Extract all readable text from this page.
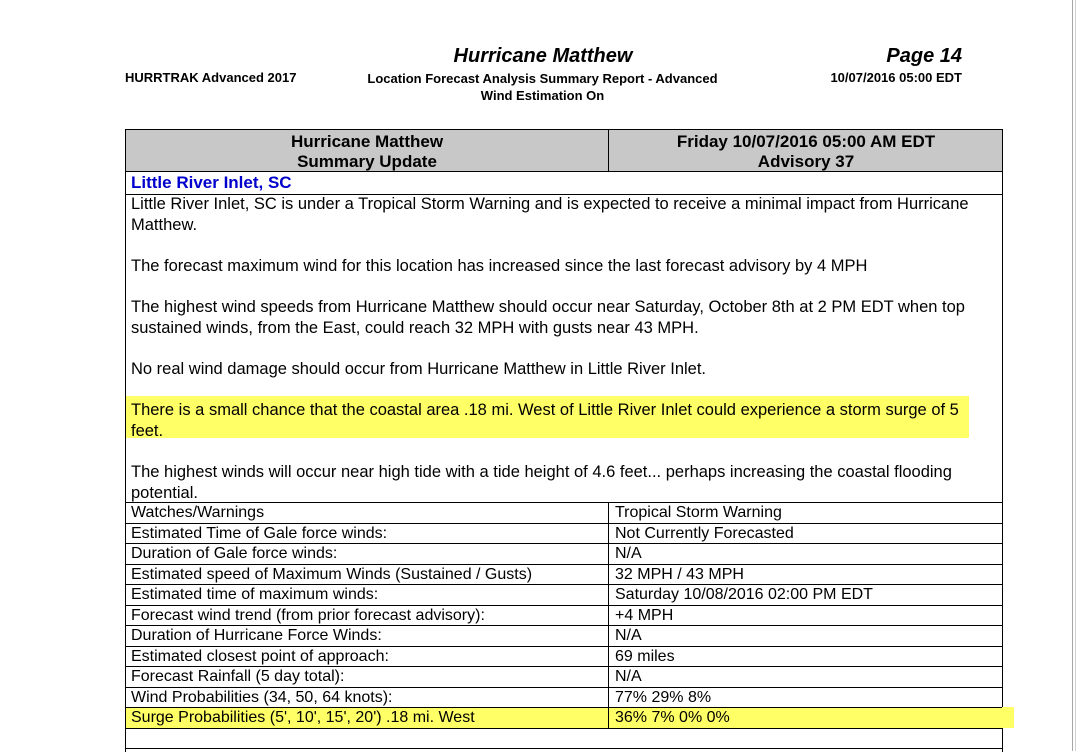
Hurricane Matthew	Page 14
HURRTRAK Advanced 2017	Location Forecast Analysis Summary Report - Advanced
Wind Estimation On
10/07/2016 05:00 EDT
Hurricane Matthew
Summary Update
Friday 10/07/2016 05:00 AM EDT
Advisory 37
Little River Inlet, SC
Little River Inlet, SC is under a Tropical Storm Warning and is expected to receive a minimal impact from Hurricane Matthew.
The forecast maximum wind for this location has increased since the last forecast advisory by 4 MPH
The highest wind speeds from Hurricane Matthew should occur near Saturday, October 8th at 2 PM EDT when top sustained winds, from the East, could reach 32 MPH with gusts near 43 MPH.
No real wind damage should occur from Hurricane Matthew in Little River Inlet.
There is a small chance that the coastal area .18 mi. West of Little River Inlet could experience a storm surge of 5 feet.
The highest winds will occur near high tide with a tide height of 4.6 feet... perhaps increasing the coastal flooding potential.
Watches/Warnings	Tropical Storm Warning
Estimated Time of Gale force winds:	Not Currently Forecasted
Duration of Gale force winds:	N/A
Estimated speed of Maximum Winds (Sustained / Gusts)	32 MPH / 43 MPH
Estimated time of maximum winds:	Saturday 10/08/2016 02:00 PM EDT
Forecast wind trend (from prior forecast advisory):	+4 MPH
Duration of Hurricane Force Winds:	N/A
Estimated closest point of approach:	69 miles
Forecast Rainfall (5 day total):	N/A
Wind Probabilities (34, 50, 64 knots):	77% 29% 8%
Surge Probabilities (5', 10', 15', 20') .18 mi. West	36% 7% 0% 0%
